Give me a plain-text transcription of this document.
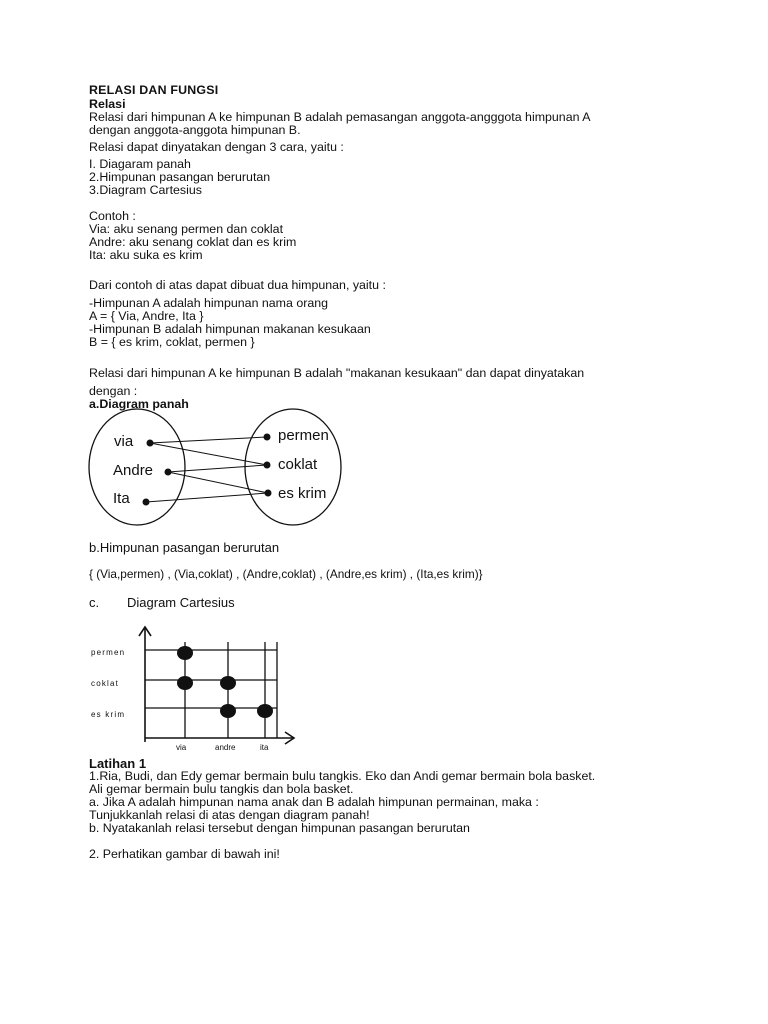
RELASI DAN FUNGSI

Relasi

Relasi dari himpunan A ke himpunan B adalah pemasangan anggota-angggota himpunan A

dengan anggota-anggota himpunan B.

Relasi dapat dinyatakan dengan 3 cara, yaitu :

I. Diagaram panah

2.Himpunan pasangan berurutan

3.Diagram Cartesius

Contoh :

Via: aku senang permen dan coklat

Andre: aku senang coklat dan es krim

Ita: aku suka es krim

Dari contoh di atas dapat dibuat dua himpunan, yaitu :

-Himpunan A adalah himpunan nama orang

A = { Via, Andre, Ita }

-Himpunan B adalah himpunan makanan kesukaan

B = { es krim, coklat, permen }

Relasi dari himpunan A ke himpunan B adalah "makanan kesukaan" dan dapat dinyatakan

dengan :

a.Diagram panah

via
Andre
Ita
permen
coklat
es krim

b.Himpunan pasangan berurutan

{ (Via,permen) , (Via,coklat) , (Andre,coklat) , (Andre,es krim) , (Ita,es krim)}

c. Diagram Cartesius

permen
coklat
es krim
via	andre	ita

Latihan 1

1.Ria, Budi, dan Edy gemar bermain bulu tangkis. Eko dan Andi gemar bermain bola basket.

Ali gemar bermain bulu tangkis dan bola basket.

a. Jika A adalah himpunan nama anak dan B adalah himpunan permainan, maka :

Tunjukkanlah relasi di atas dengan diagram panah!

b. Nyatakanlah relasi tersebut dengan himpunan pasangan berurutan

2. Perhatikan gambar di bawah ini!
